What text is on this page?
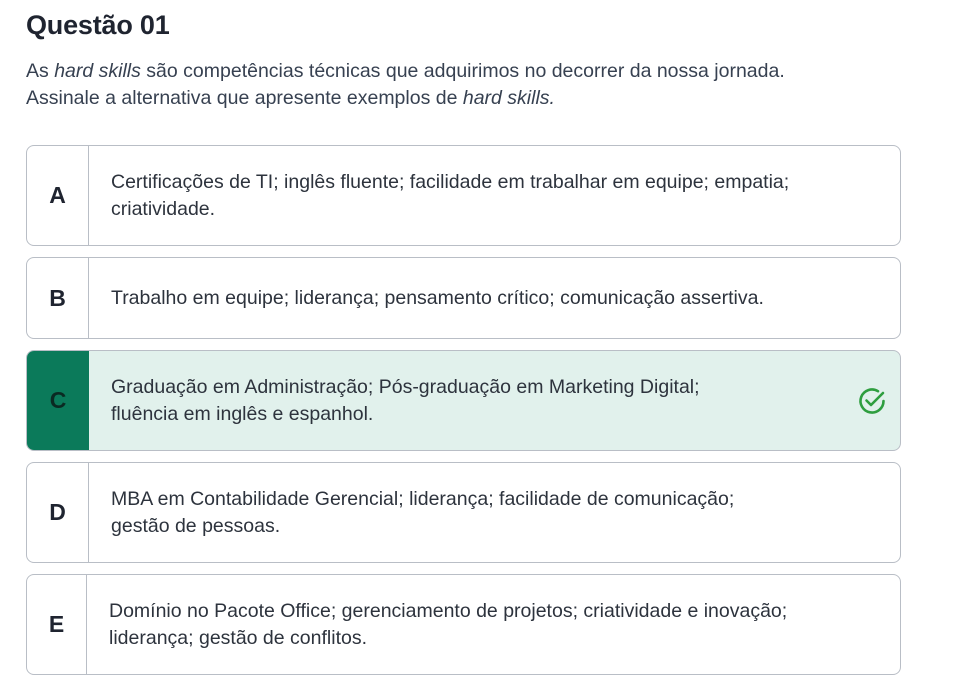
Questão 01
As hard skills são competências técnicas que adquirimos no decorrer da nossa jornada.
Assinale a alternativa que apresente exemplos de hard skills.
A
Certificações de TI; inglês fluente; facilidade em trabalhar em equipe; empatia;
criatividade.
B	Trabalho em equipe; liderança; pensamento crítico; comunicação assertiva.
C
Graduação em Administração; Pós-graduação em Marketing Digital;
fluência em inglês e espanhol.
D
MBA em Contabilidade Gerencial; liderança; facilidade de comunicação;
gestão de pessoas.
E
Domínio no Pacote Office; gerenciamento de projetos; criatividade e inovação;
liderança; gestão de conflitos.
